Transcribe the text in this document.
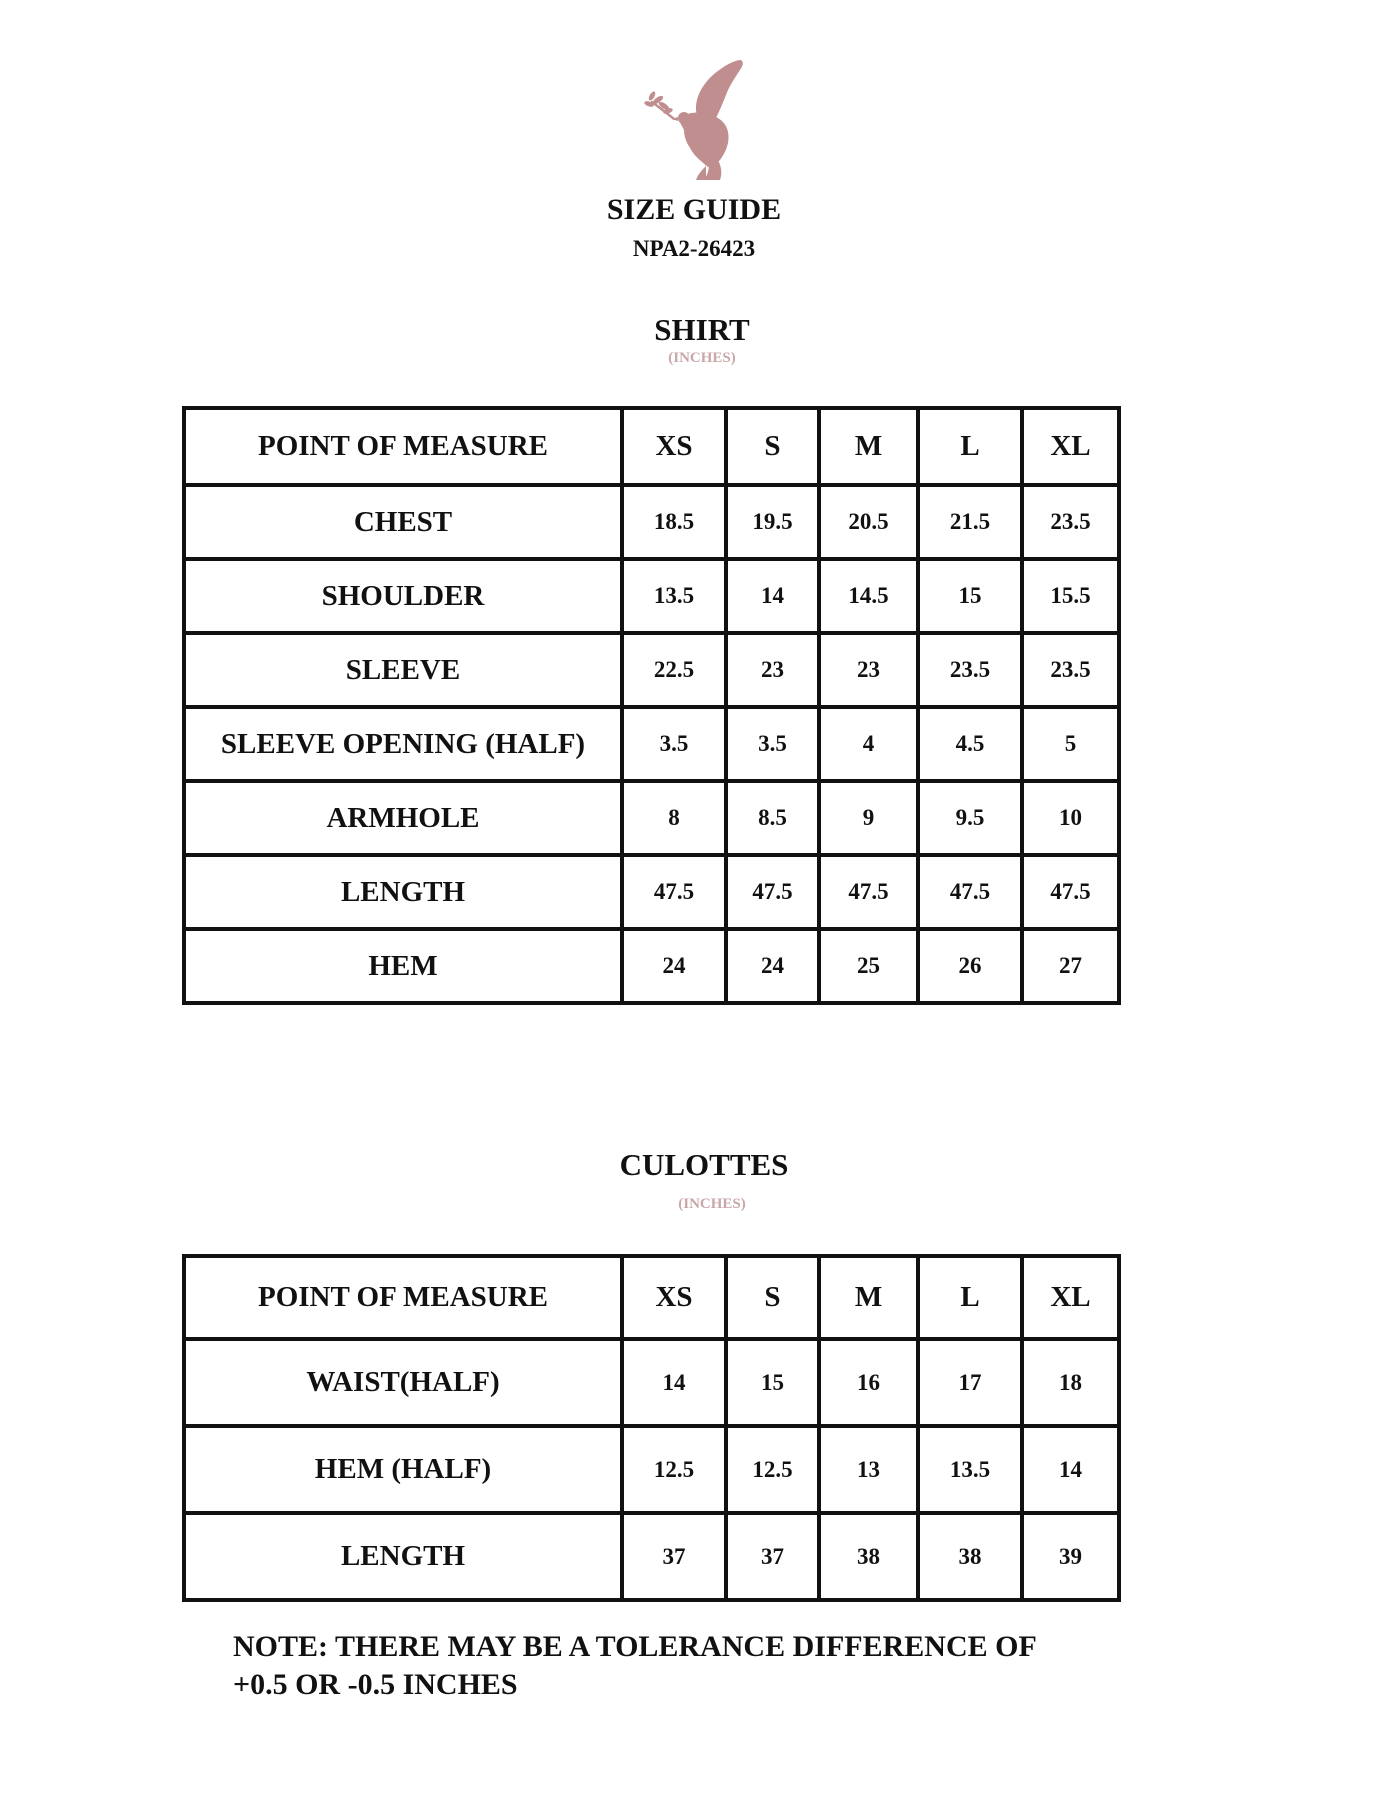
SIZE GUIDE
NPA2-26423
SHIRT
(INCHES)
POINT OF MEASURE	XS	S	M	L	XL
CHEST	18.5	19.5	20.5	21.5	23.5
SHOULDER	13.5	14	14.5	15	15.5
SLEEVE	22.5	23	23	23.5	23.5
SLEEVE OPENING (HALF)	3.5	3.5	4	4.5	5
ARMHOLE	8	8.5	9	9.5	10
LENGTH	47.5	47.5	47.5	47.5	47.5
HEM	24	24	25	26	27
CULOTTES
(INCHES)
POINT OF MEASURE	XS	S	M	L	XL
WAIST(HALF)	14	15	16	17	18
HEM (HALF)	12.5	12.5	13	13.5	14
LENGTH	37	37	38	38	39
NOTE: THERE MAY BE A TOLERANCE DIFFERENCE OF
+0.5 OR -0.5 INCHES
